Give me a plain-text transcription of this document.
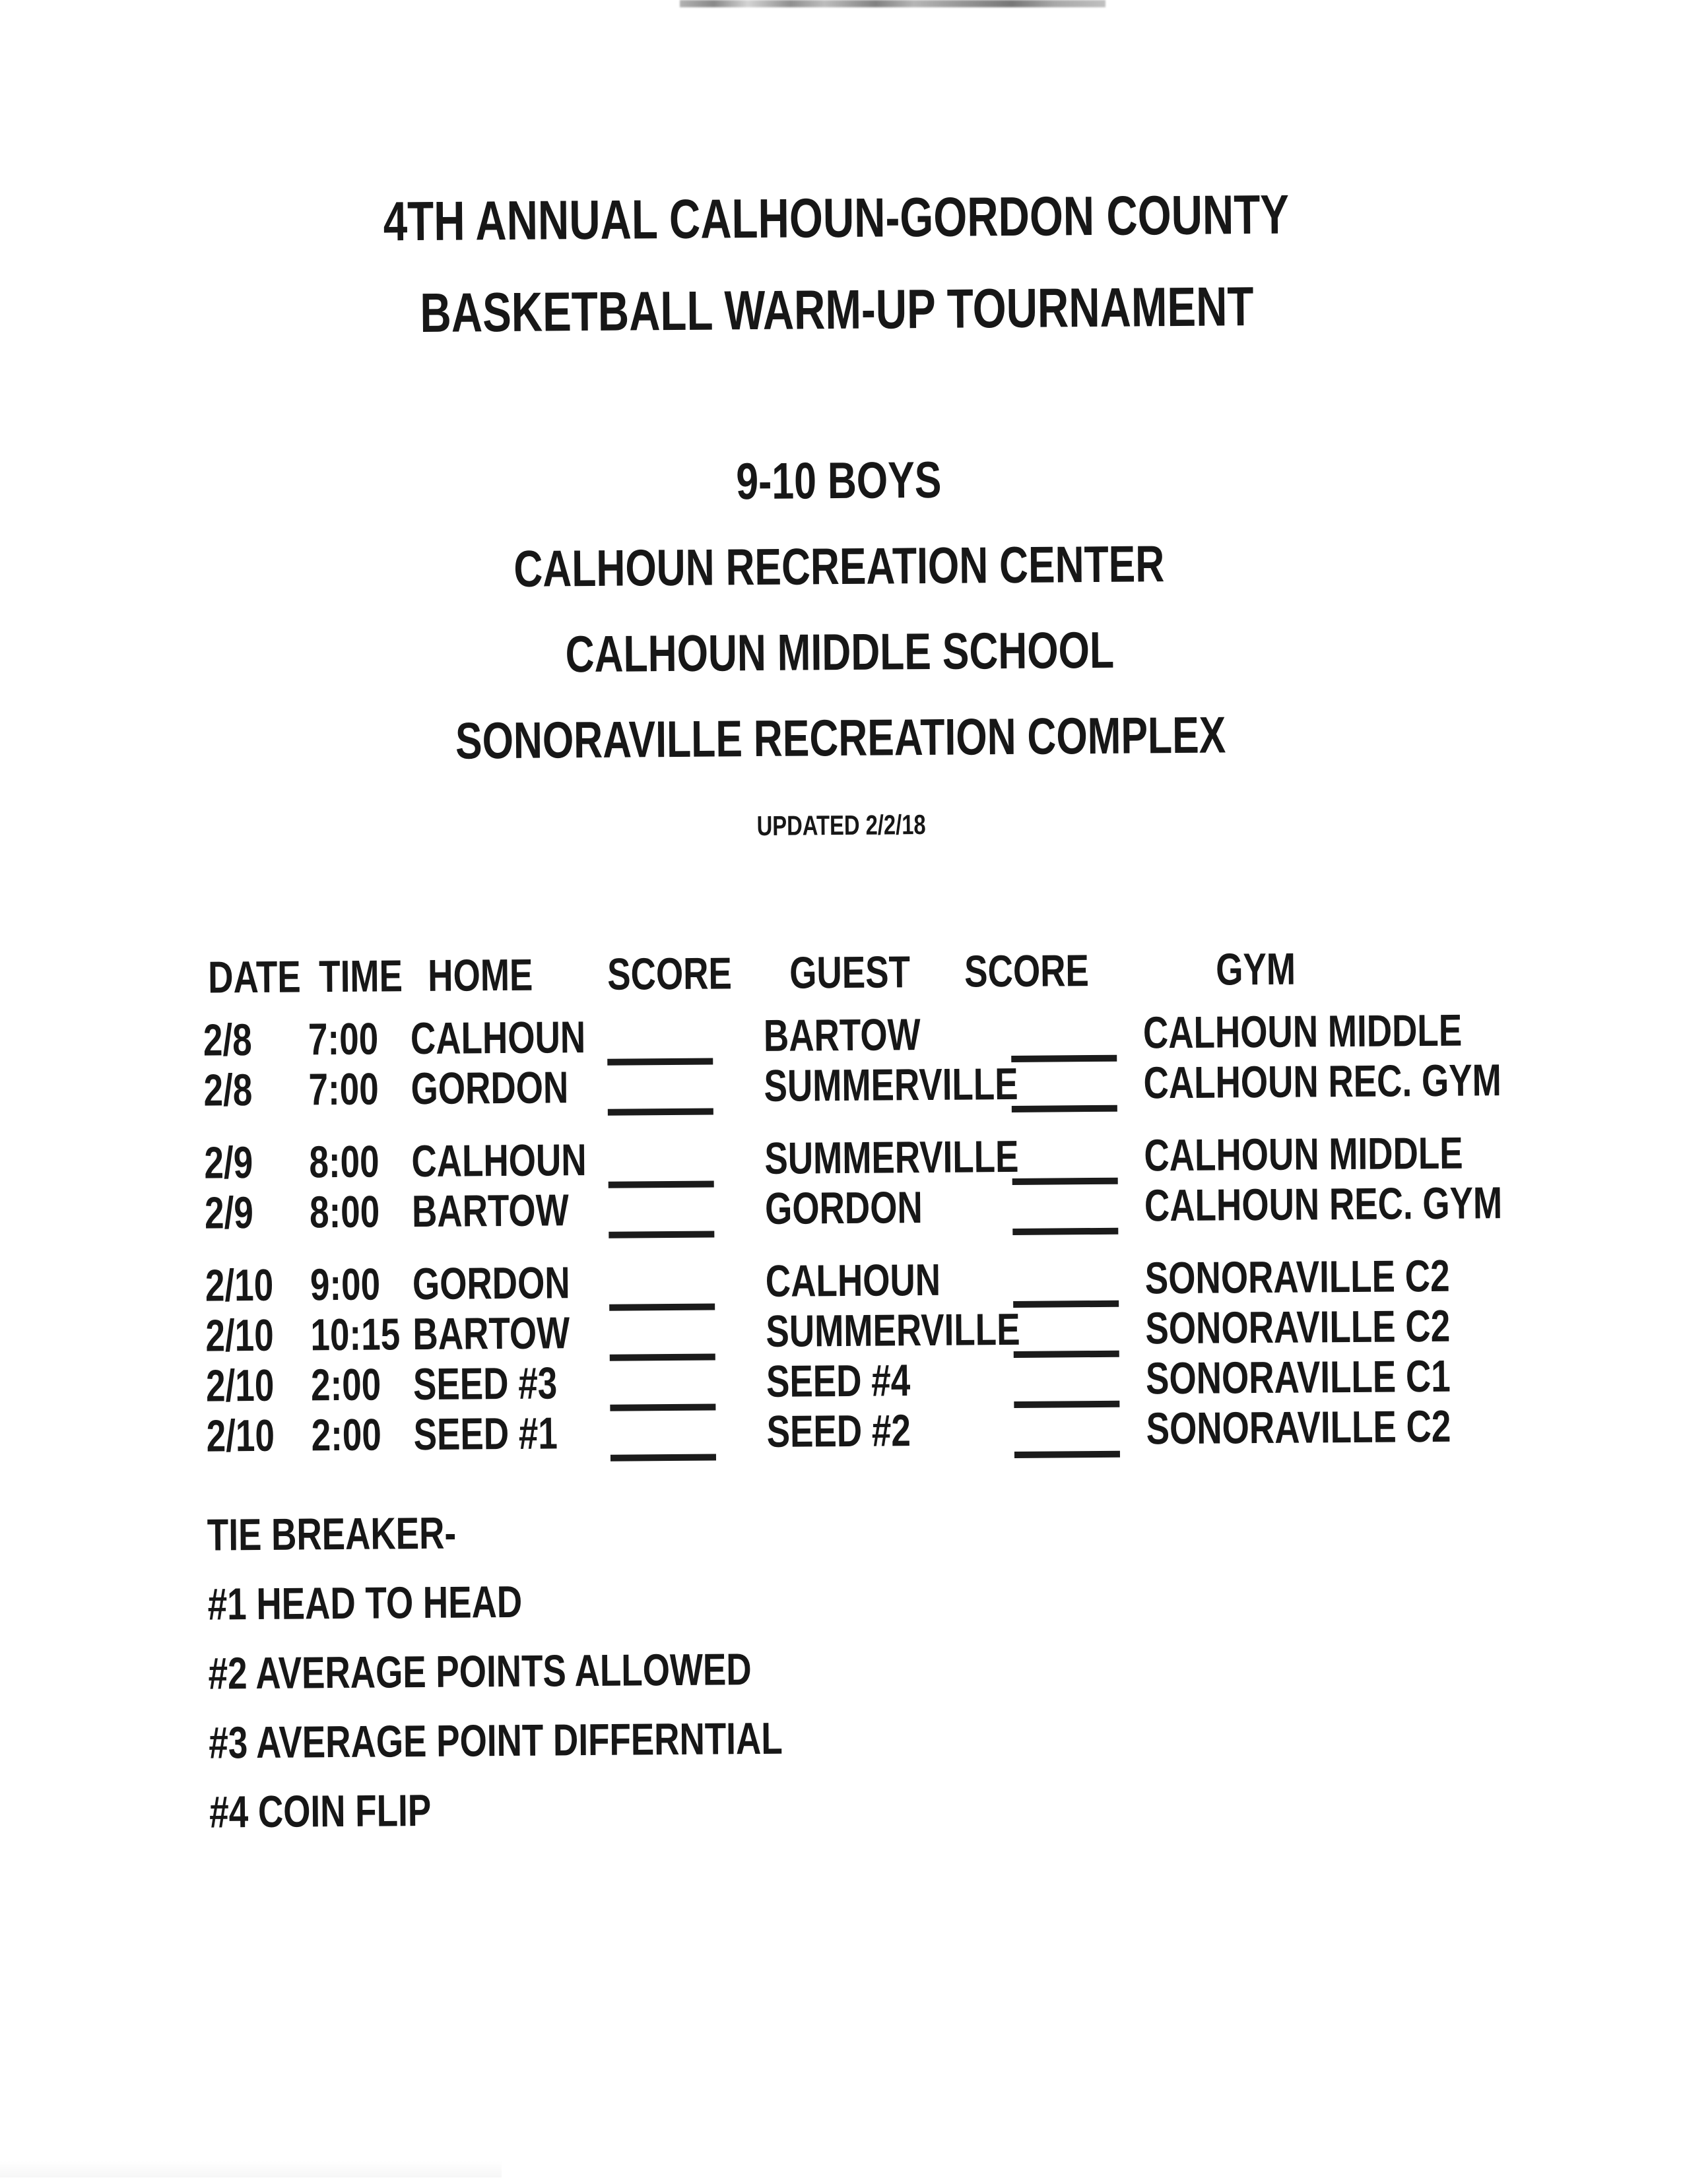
4TH ANNUAL CALHOUN-GORDON COUNTY
BASKETBALL WARM-UP TOURNAMENT
9-10 BOYS
CALHOUN RECREATION CENTER
CALHOUN MIDDLE SCHOOL
SONORAVILLE RECREATION COMPLEX
UPDATED 2/2/18
DATE TIME HOME SCORE GUEST SCORE	GYM
2/8	7:00 CALHOUN	BARTOW	CALHOUN MIDDLE
2/8	7:00 GORDON	SUMMERVILLE	CALHOUN REC. GYM
2/9	8:00 CALHOUN	SUMMERVILLE	CALHOUN MIDDLE
2/9	8:00 BARTOW	GORDON	CALHOUN REC. GYM
2/10 9:00 GORDON	CALHOUN	SONORAVILLE C2
2/10 10:15 BARTOW	SUMMERVILLE	SONORAVILLE C2
2/10 2:00 SEED #3	SEED #4	SONORAVILLE C1
2/10 2:00 SEED #1	SEED #2	SONORAVILLE C2
TIE BREAKER-
#1 HEAD TO HEAD
#2 AVERAGE POINTS ALLOWED
#3 AVERAGE POINT DIFFERNTIAL
#4 COIN FLIP
